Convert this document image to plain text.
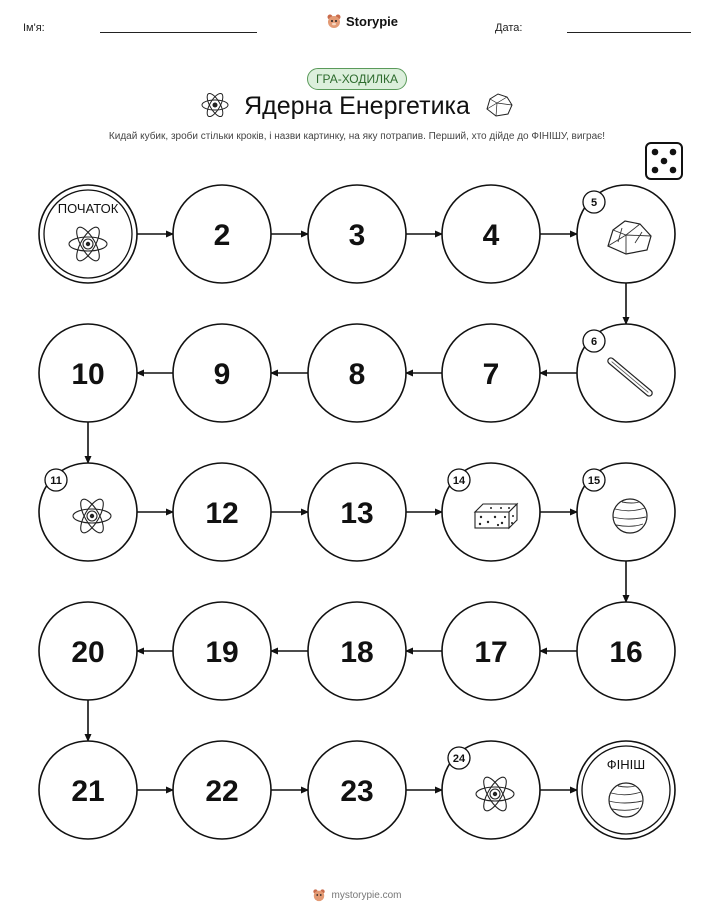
Ім'я:	Storypie	Дата:
ГРА-ХОДИЛКА
Ядерна Енергетика
Кидай кубик, зроби стільки кроків, і назви картинку, на яку потрапив. Перший, хто дійде до ФІНІШУ, виграє!
ПОЧАТОК
2	3	4
5
6
7
8
9
10
11
12	13
14	15
16
17
18
19
20
21	22	23
24	ФІНІШ
mystorypie.com
